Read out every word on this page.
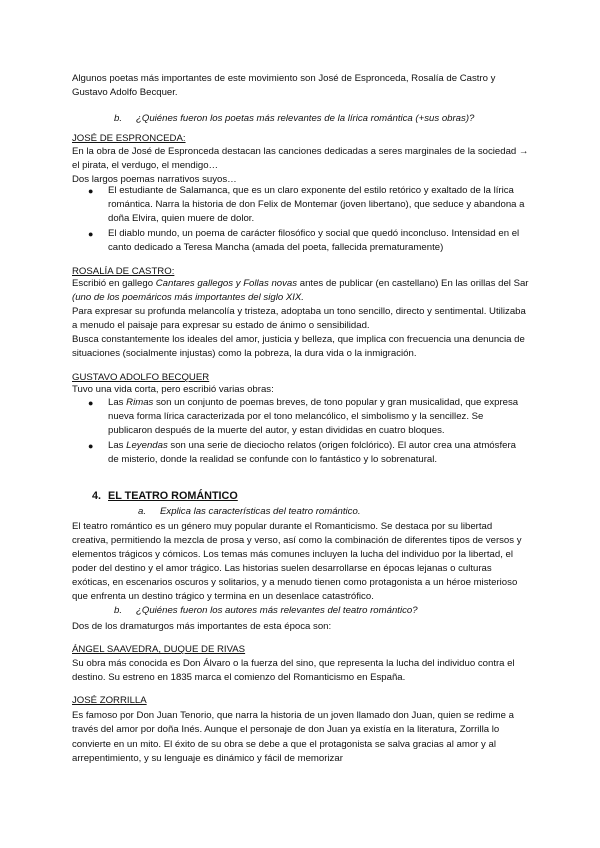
Algunos poetas más importantes de este movimiento son José de Espronceda, Rosalía de Castro y Gustavo Adolfo Becquer.

b. ¿Quiénes fueron los poetas más relevantes de la lírica romántica (+sus obras)?

JOSÉ DE ESPRONCEDA:

En la obra de José de Espronceda destacan las canciones dedicadas a seres marginales de la sociedad → el pirata, el verdugo, el mendigo…

Dos largos poemas narrativos suyos…

● El estudiante de Salamanca, que es un claro exponente del estilo retórico y exaltado de la lírica romántica. Narra la historia de don Felix de Montemar (joven libertano), que seduce y abandona a doña Elvira, quien muere de dolor.
● El diablo mundo, un poema de carácter filosófico y social que quedó inconcluso. Intensidad en el canto dedicado a Teresa Mancha (amada del poeta, fallecida prematuramente)

ROSALÍA DE CASTRO:

Escribió en gallego Cantares gallegos y Follas novas antes de publicar (en castellano) En las orillas del Sar (uno de los poemáricos más importantes del siglo XIX.

Para expresar su profunda melancolía y tristeza, adoptaba un tono sencillo, directo y sentimental. Utilizaba a menudo el paisaje para expresar su estado de ánimo o sensibilidad.

Busca constantemente los ideales del amor, justicia y belleza, que implica con frecuencia una denuncia de situaciones (socialmente injustas) como la pobreza, la dura vida o la inmigración.

GUSTAVO ADOLFO BECQUER

Tuvo una vida corta, pero escribió varias obras:

● Las Rimas son un conjunto de poemas breves, de tono popular y gran musicalidad, que expresa nueva forma lírica caracterizada por el tono melancólico, el simbolismo y la sencillez. Se publicaron después de la muerte del autor, y estan divididas en cuatro bloques.
● Las Leyendas son una serie de dieciocho relatos (origen folclórico). El autor crea una atmósfera de misterio, donde la realidad se confunde con lo fantástico y lo sobrenatural.

4. EL TEATRO ROMÁNTICO

a. Explica las características del teatro romántico.

El teatro romántico es un género muy popular durante el Romanticismo. Se destaca por su libertad creativa, permitiendo la mezcla de prosa y verso, así como la combinación de diferentes tipos de versos y elementos trágicos y cómicos. Los temas más comunes incluyen la lucha del individuo por la libertad, el poder del destino y el amor trágico. Las historias suelen desarrollarse en épocas lejanas o culturas exóticas, en escenarios oscuros y solitarios, y a menudo tienen como protagonista a un héroe misterioso que enfrenta un destino trágico y termina en un desenlace catastrófico.

b. ¿Quiénes fueron los autores más relevantes del teatro romántico?

Dos de los dramaturgos más importantes de esta época son:

ÁNGEL SAAVEDRA, DUQUE DE RIVAS

Su obra más conocida es Don Álvaro o la fuerza del sino, que representa la lucha del individuo contra el destino. Su estreno en 1835 marca el comienzo del Romanticismo en España.

JOSÉ ZORRILLA

Es famoso por Don Juan Tenorio, que narra la historia de un joven llamado don Juan, quien se redime a través del amor por doña Inés. Aunque el personaje de don Juan ya existía en la literatura, Zorrilla lo convierte en un mito. El éxito de su obra se debe a que el protagonista se salva gracias al amor y al arrepentimiento, y su lenguaje es dinámico y fácil de memorizar
